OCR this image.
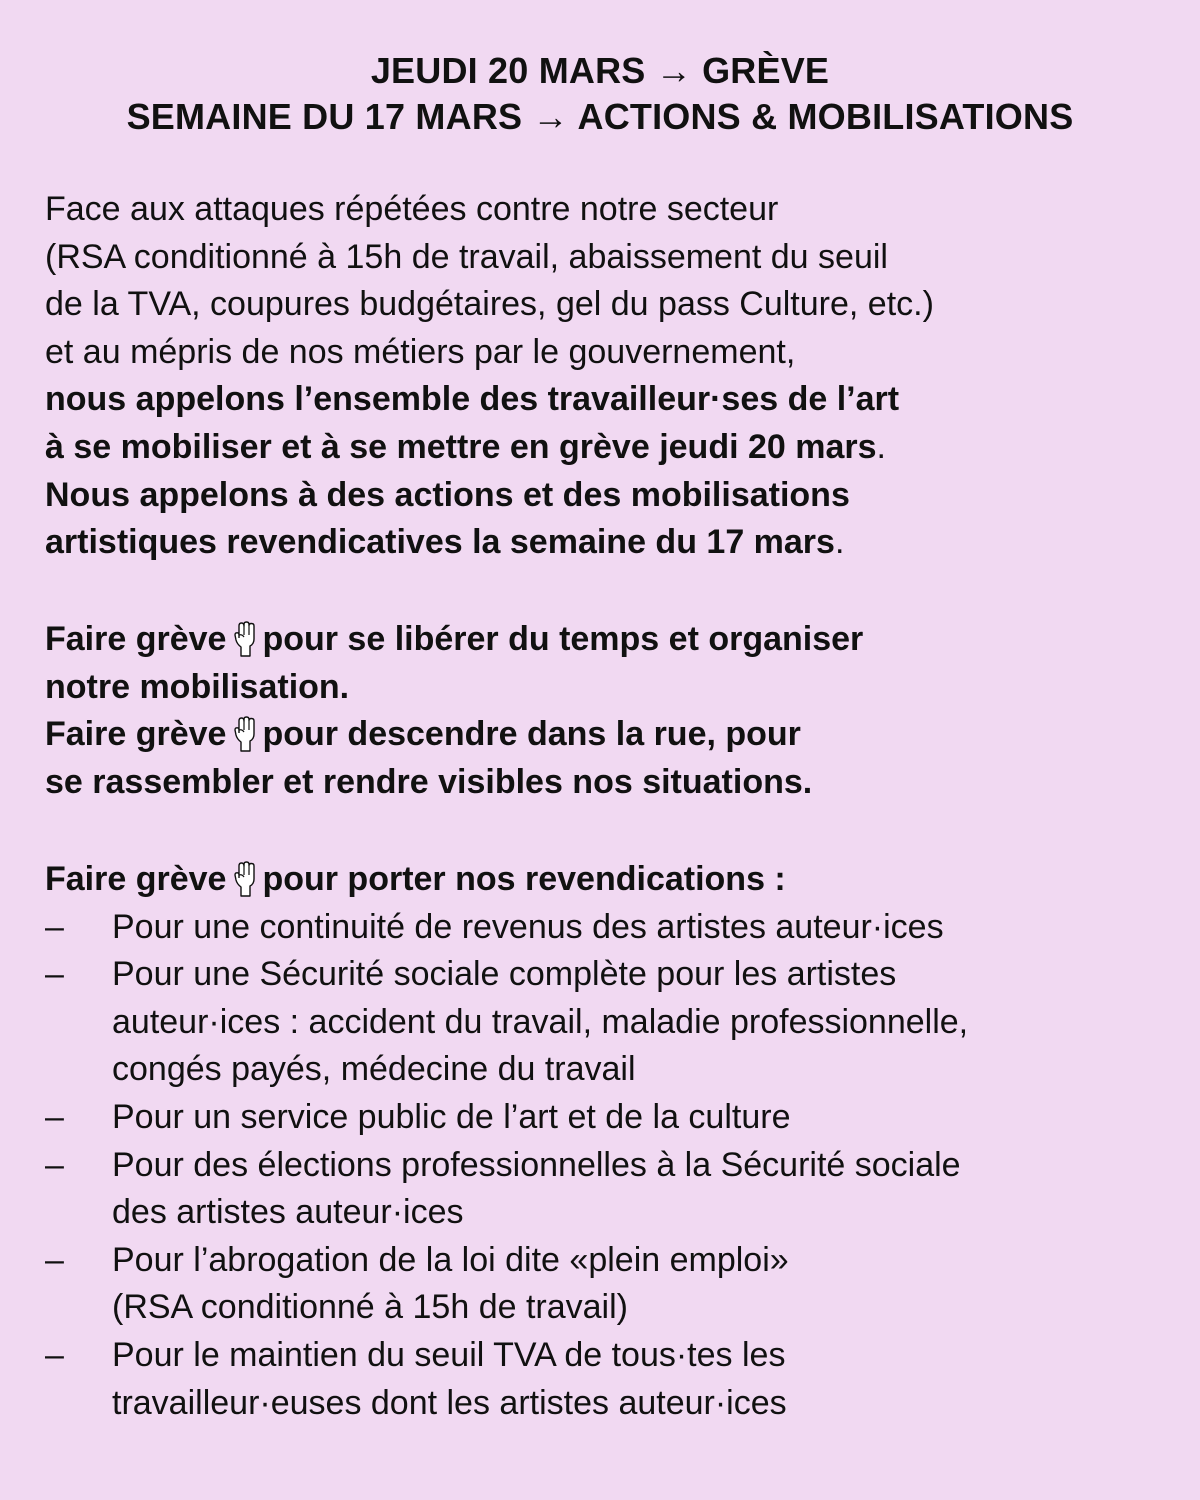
JEUDI 20 MARS → GRÈVE
SEMAINE DU 17 MARS → ACTIONS & MOBILISATIONS
Face aux attaques répétées contre notre secteur
(RSA conditionné à 15h de travail, abaissement du seuil
de la TVA, coupures budgétaires, gel du pass Culture, etc.)
et au mépris de nos métiers par le gouvernement,
nous appelons l’ensemble des travailleur·ses de l’art
à se mobiliser et à se mettre en grève jeudi 20 mars.
Nous appelons à des actions et des mobilisations
artistiques revendicatives la semaine du 17 mars.
Faire grève pour se libérer du temps et organiser
notre mobilisation.
Faire grève pour descendre dans la rue, pour
se rassembler et rendre visibles nos situations.
Faire grève pour porter nos revendications :
– Pour une continuité de revenus des artistes auteur·ices
– Pour une Sécurité sociale complète pour les artistes
auteur·ices : accident du travail, maladie professionnelle,
congés payés, médecine du travail
– Pour un service public de l’art et de la culture
– Pour des élections professionnelles à la Sécurité sociale
des artistes auteur·ices
– Pour l’abrogation de la loi dite «plein emploi»
(RSA conditionné à 15h de travail)
– Pour le maintien du seuil TVA de tous·tes les
travailleur·euses dont les artistes auteur·ices
